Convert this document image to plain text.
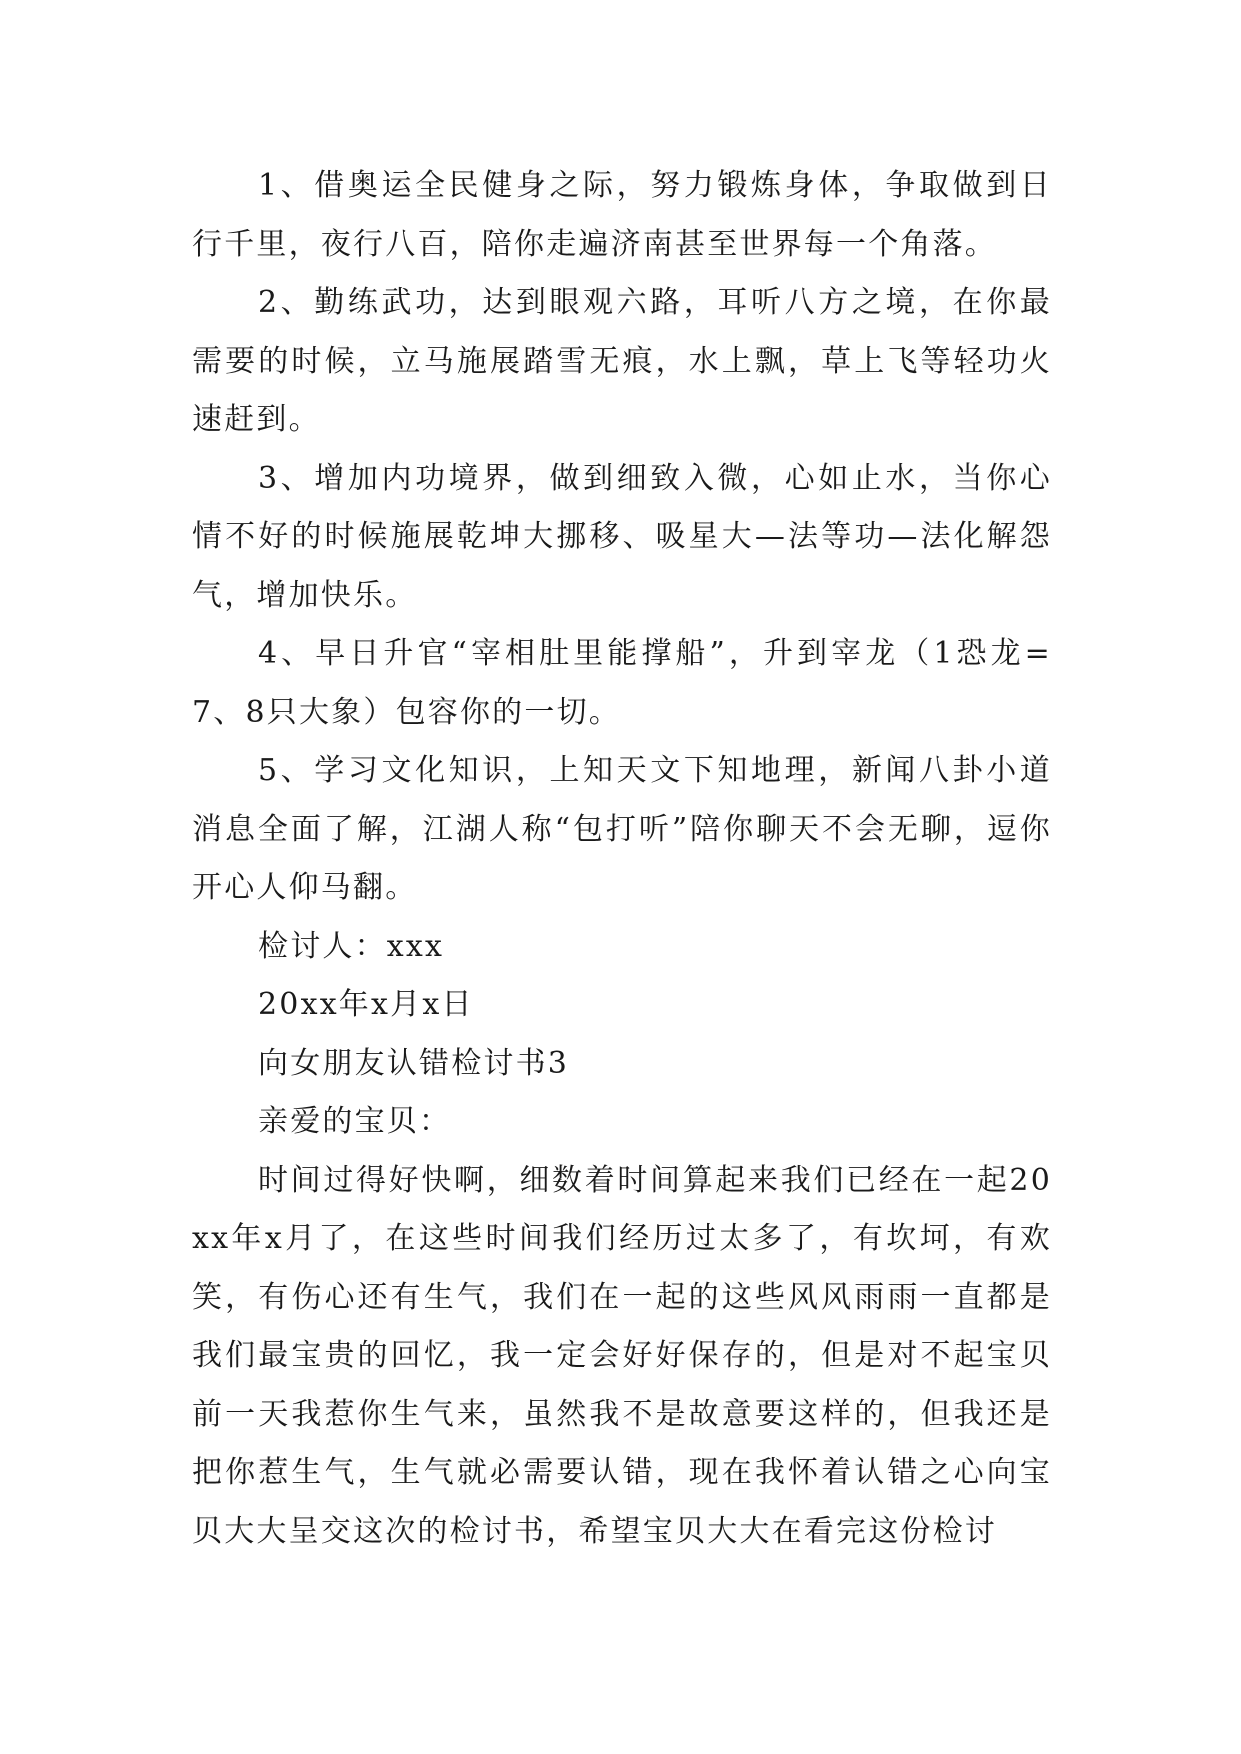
1、借奥运全民健身之际，努力锻炼身体，争取做到日行千里，夜行八百，陪你走遍济南甚至世界每一个角落。

2、勤练武功，达到眼观六路，耳听八方之境，在你最需要的时候，立马施展踏雪无痕，水上飘，草上飞等轻功火速赶到。

3、增加内功境界，做到细致入微，心如止水，当你心情不好的时候施展乾坤大挪移、吸星大—法等功—法化解怨气，增加快乐。

4、早日升官“宰相肚里能撑船”，升到宰龙（1恐龙=7、8只大象）包容你的一切。

5、学习文化知识，上知天文下知地理，新闻八卦小道消息全面了解，江湖人称“包打听”陪你聊天不会无聊，逗你开心人仰马翻。

检讨人：xxx

20xx年x月x日

向女朋友认错检讨书3

亲爱的宝贝：

时间过得好快啊，细数着时间算起来我们已经在一起20xx年x月了，在这些时间我们经历过太多了，有坎坷，有欢笑，有伤心还有生气，我们在一起的这些风风雨雨一直都是我们最宝贵的回忆，我一定会好好保存的，但是对不起宝贝前一天我惹你生气来，虽然我不是故意要这样的，但我还是把你惹生气，生气就必需要认错，现在我怀着认错之心向宝贝大大呈交这次的检讨书，希望宝贝大大在看完这份检讨
